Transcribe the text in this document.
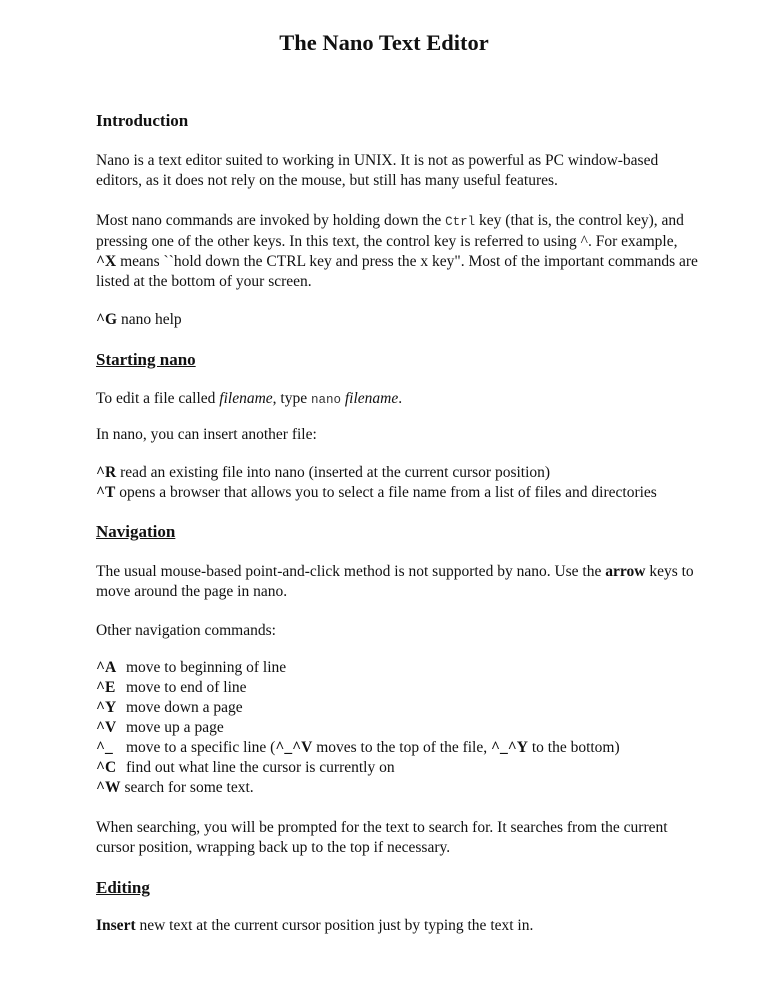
The Nano Text Editor
Introduction
Nano is a text editor suited to working in UNIX. It is not as powerful as PC window-based
editors, as it does not rely on the mouse, but still has many useful features.
Most nano commands are invoked by holding down the Ctrl key (that is, the control key), and
pressing one of the other keys. In this text, the control key is referred to using ^. For example,
^X means ``hold down the CTRL key and press the x key". Most of the important commands are
listed at the bottom of your screen.
^G nano help
Starting nano
To edit a file called filename, type nano filename.
In nano, you can insert another file:
^R read an existing file into nano (inserted at the current cursor position)
^T opens a browser that allows you to select a file name from a list of files and directories
Navigation
The usual mouse-based point-and-click method is not supported by nano. Use the arrow keys to
move around the page in nano.
Other navigation commands:
^A move to beginning of line
^E move to end of line
^Y move down a page
^V move up a page
^_ move to a specific line (^_^V moves to the top of the file, ^_^Y to the bottom)
^C find out what line the cursor is currently on
^W search for some text.
When searching, you will be prompted for the text to search for. It searches from the current
cursor position, wrapping back up to the top if necessary.
Editing
Insert new text at the current cursor position just by typing the text in.
